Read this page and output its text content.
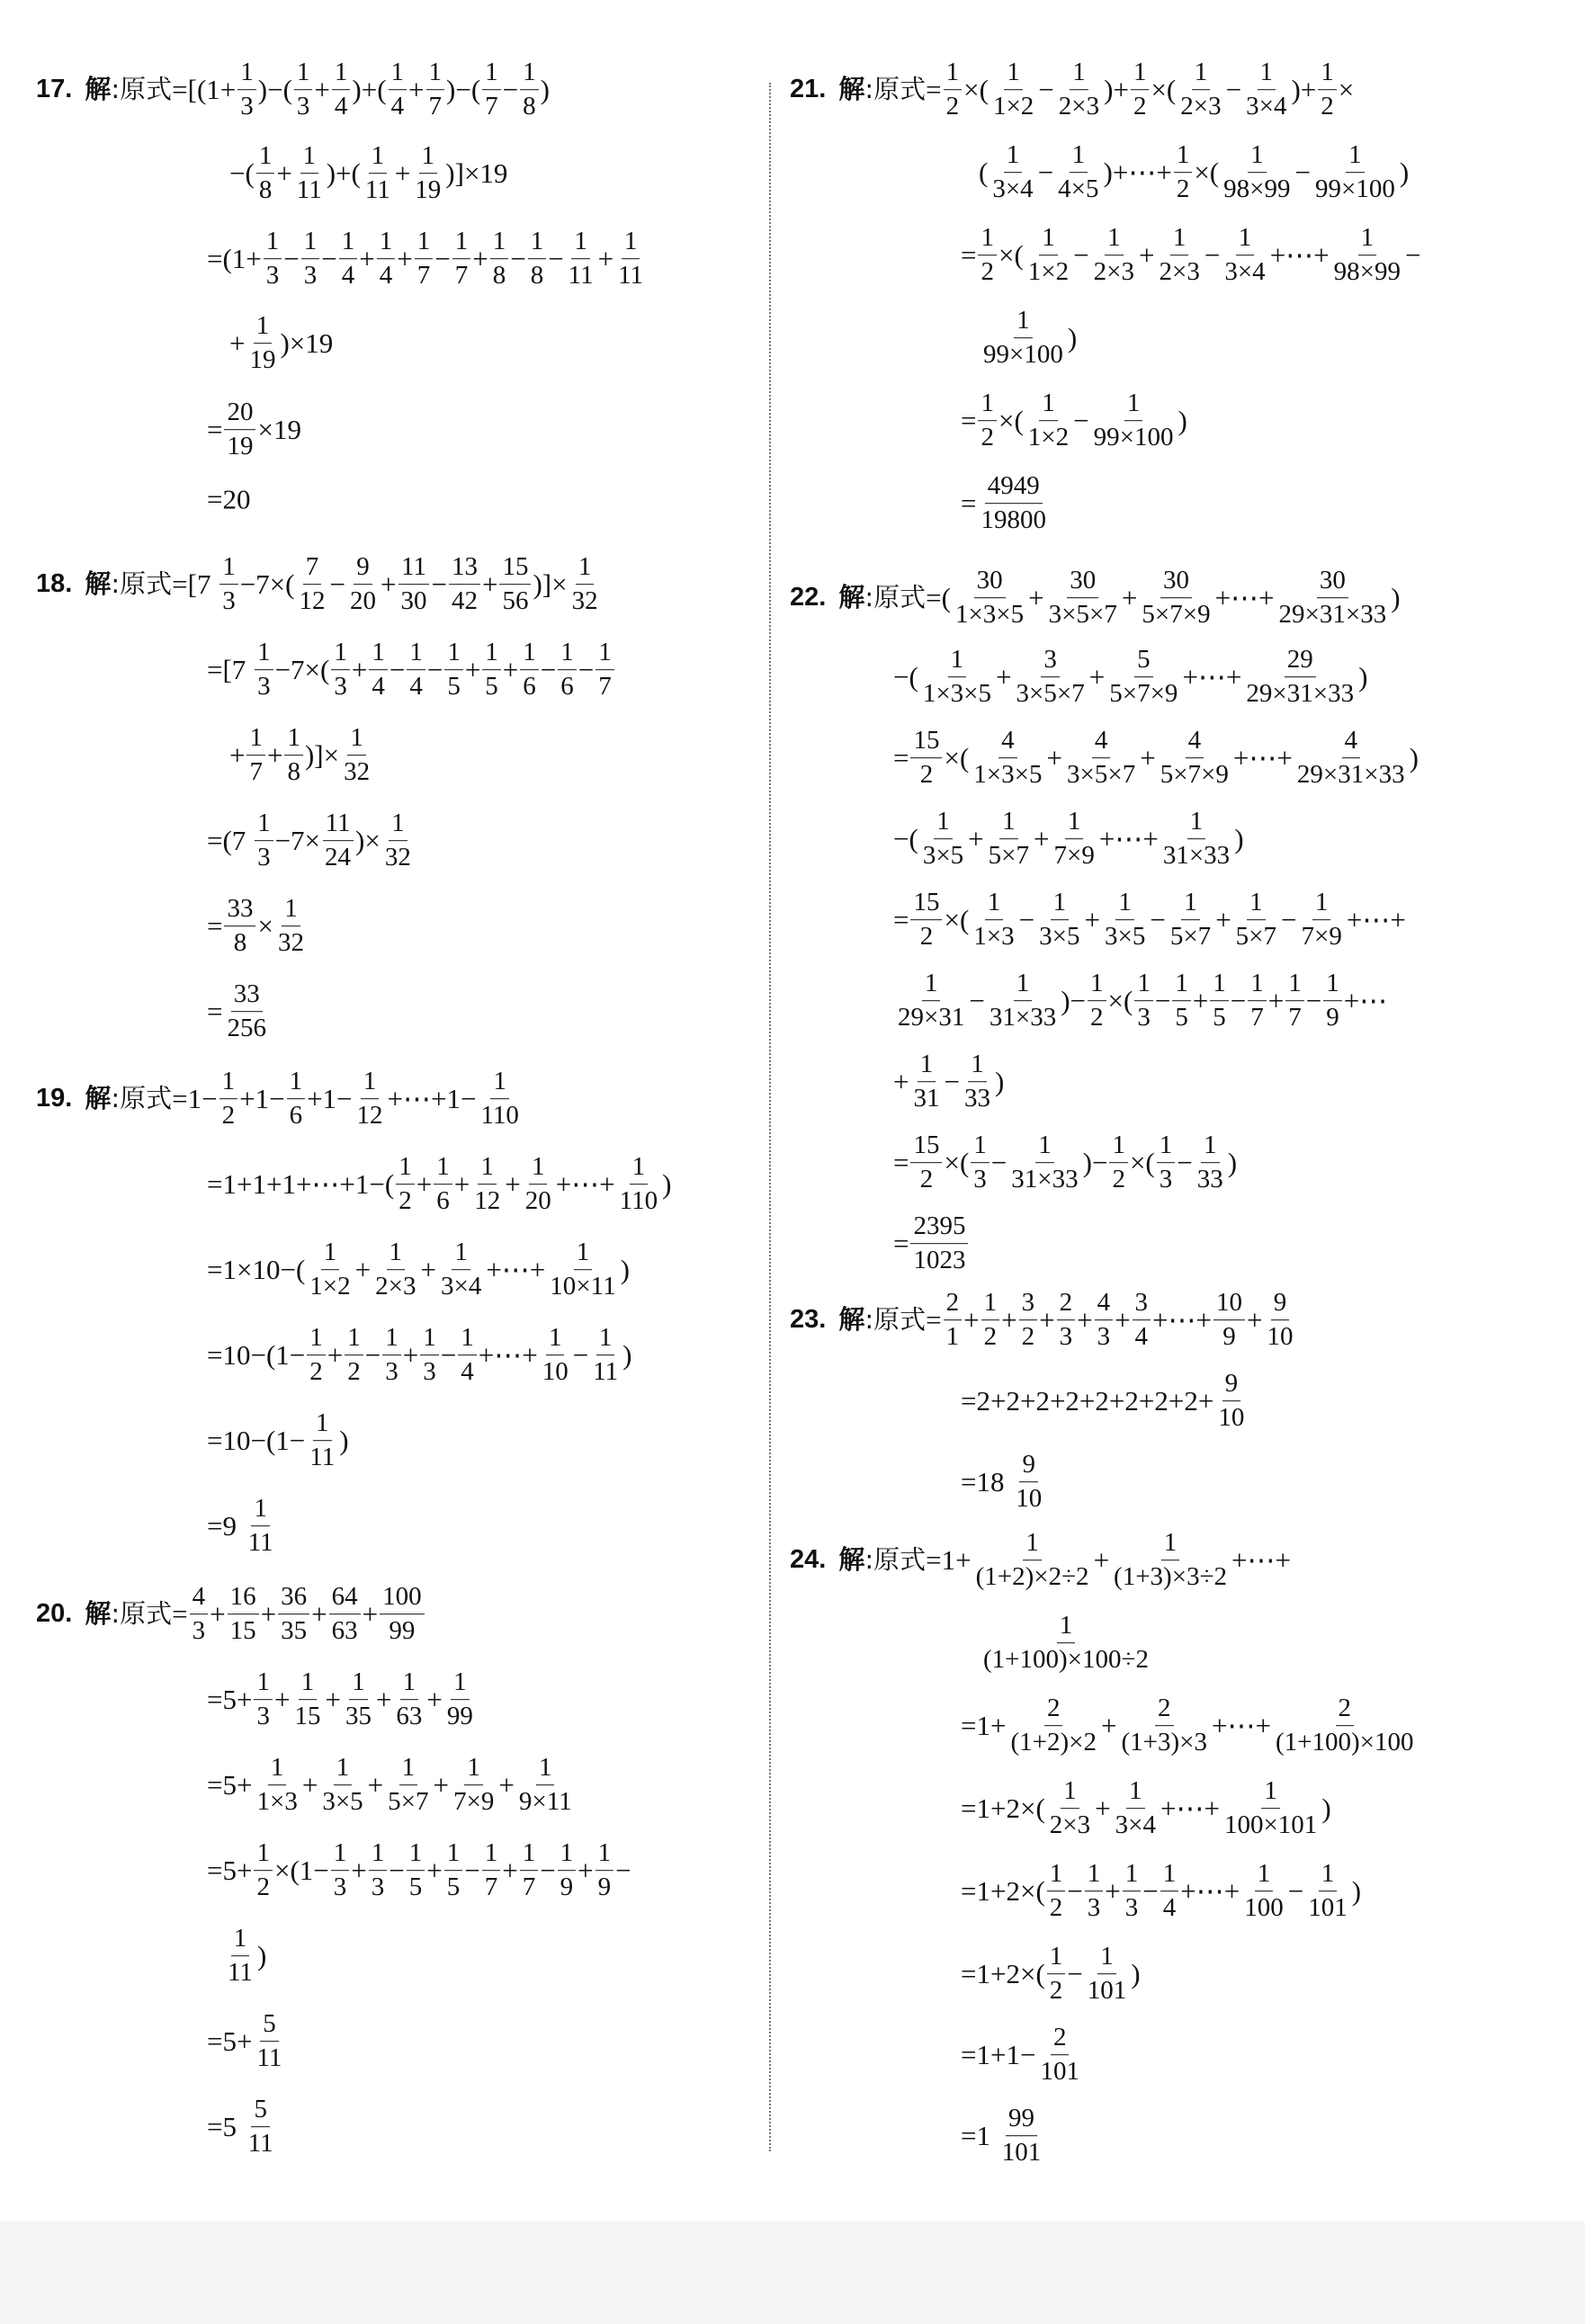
17. 解 : 原式 $=[(1+ \frac{1}{3}$ )−( $\frac{1}{3} + \frac{1}{4}$ )+( $\frac{1}{4} + \frac{1}{7}$ )−( $\frac{1}{7} - \frac{1}{8}$ )
−( $\frac{1}{8} + \frac{1}{11}$ )+( $\frac{1}{11} + \frac{1}{19} )]\times 19$
$=(1+ \frac{1}{3} - \frac{1}{3} - \frac{1}{4} + \frac{1}{4} + \frac{1}{7} - \frac{1}{7} + \frac{1}{8} - \frac{1}{8} - \frac{1}{11} + \frac{1}{11}$
+ $\frac{1}{19} )\times 19$
= $\frac{20}{19} \times 19$
=20
18. 解 : 原式 $=[7 \frac{1}{3} -7\times( \frac{7}{12} - \frac{9}{20} + \frac{11}{30} - \frac{13}{42} + \frac{15}{56}$ )]× $\frac{1}{32}$
$=[7 \frac{1}{3} -7\times( \frac{1}{3} + \frac{1}{4} - \frac{1}{4} - \frac{1}{5} + \frac{1}{5} + \frac{1}{6} - \frac{1}{6} - \frac{1}{7}$
+ $\frac{1}{7} + \frac{1}{8}$ )]× $\frac{1}{32}$
$=(7 \frac{1}{3} -7\times \frac{11}{24}$ )× $\frac{1}{32}$
= $\frac{33}{8} \times \frac{1}{32}$
= $\frac{33}{256}$
19. 解 : 原式 $=1- \frac{1}{2} +1- \frac{1}{6} +1- \frac{1}{12}$ +⋯+1− $\frac{1}{110}$
=1+1+1+⋯+1−( $\frac{1}{2} + \frac{1}{6} + \frac{1}{12} + \frac{1}{20}$ +⋯+ $\frac{1}{110}$ )
$=1\times 10-( \frac{1}{1\times 2} + \frac{1}{2\times 3} + \frac{1}{3\times 4}$ +⋯+ $\frac{1}{10\times 11}$ )
$=10-(1- \frac{1}{2} + \frac{1}{2} - \frac{1}{3} + \frac{1}{3} - \frac{1}{4}$ +⋯+ $\frac{1}{10} - \frac{1}{11}$ )
$=10-(1- \frac{1}{11}$ )
$=9 \frac{1}{11}$
20. 解 : 原式 = $\frac{4}{3} + \frac{16}{15} + \frac{36}{35} + \frac{64}{63} + \frac{100}{99}$
$=5+ \frac{1}{3} + \frac{1}{15} + \frac{1}{35} + \frac{1}{63} + \frac{1}{99}$
$=5+ \frac{1}{1\times 3} + \frac{1}{3\times 5} + \frac{1}{5\times 7} + \frac{1}{7\times 9} + \frac{1}{9\times 11}$
$=5+ \frac{1}{2} \times(1- \frac{1}{3} + \frac{1}{3} - \frac{1}{5} + \frac{1}{5} - \frac{1}{7} + \frac{1}{7} - \frac{1}{9} + \frac{1}{9}$ −
$\frac{1}{11}$ )
$=5+ \frac{5}{11}$
$=5 \frac{5}{11}$
21. 解 : 原式 = $\frac{1}{2}$ ×( $\frac{1}{1\times 2} - \frac{1}{2\times 3}$ )+ $\frac{1}{2}$ ×( $\frac{1}{2\times 3} - \frac{1}{3\times 4}$ )+ $\frac{1}{2}$ ×
( $\frac{1}{3\times 4} - \frac{1}{4\times 5}$ )+⋯+ $\frac{1}{2}$ ×( $\frac{1}{98\times 99} - \frac{1}{99\times 100}$ )
= $\frac{1}{2}$ ×( $\frac{1}{1\times 2} - \frac{1}{2\times 3} + \frac{1}{2\times 3} - \frac{1}{3\times 4}$ +⋯+ $\frac{1}{98\times 99}$ −
$\frac{1}{99\times 100}$ )
= $\frac{1}{2}$ ×( $\frac{1}{1\times 2} - \frac{1}{99\times 100}$ )
= $\frac{4949}{19800}$
22. 解 : 原式 =( $\frac{30}{1\times 3\times 5} + \frac{30}{3\times 5\times 7} + \frac{30}{5\times 7\times 9}$ +⋯+ $\frac{30}{29\times 31\times 33}$ )
−( $\frac{1}{1\times 3\times 5} + \frac{3}{3\times 5\times 7} + \frac{5}{5\times 7\times 9}$ +⋯+ $\frac{29}{29\times 31\times 33}$ )
= $\frac{15}{2}$ ×( $\frac{4}{1\times 3\times 5} + \frac{4}{3\times 5\times 7} + \frac{4}{5\times 7\times 9}$ +⋯+ $\frac{4}{29\times 31\times 33}$ )
−( $\frac{1}{3\times 5} + \frac{1}{5\times 7} + \frac{1}{7\times 9}$ +⋯+ $\frac{1}{31\times 33}$ )
= $\frac{15}{2}$ ×( $\frac{1}{1\times 3} - \frac{1}{3\times 5} + \frac{1}{3\times 5} - \frac{1}{5\times 7} + \frac{1}{5\times 7} - \frac{1}{7\times 9}$ +⋯+
$\frac{1}{29\times 31} - \frac{1}{31\times 33}$ )− $\frac{1}{2}$ ×( $\frac{1}{3} - \frac{1}{5} + \frac{1}{5} - \frac{1}{7} + \frac{1}{7} - \frac{1}{9}$ +⋯
+ $\frac{1}{31} - \frac{1}{33}$ )
= $\frac{15}{2}$ ×( $\frac{1}{3} - \frac{1}{31\times 33}$ )− $\frac{1}{2}$ ×( $\frac{1}{3} - \frac{1}{33}$ )
= $\frac{2395}{1023}$
23. 解 : 原式 = $\frac{2}{1} + \frac{1}{2} + \frac{3}{2} + \frac{2}{3} + \frac{4}{3} + \frac{3}{4}$ +⋯+ $\frac{10}{9} + \frac{9}{10}$
$=2+2+2+2+2+2+2+2+ \frac{9}{10}$
$=18 \frac{9}{10}$
24. 解 : 原式 $=1+ \frac{1}{(1+2)\times 2\div 2} + \frac{1}{(1+3)\times 3\div 2}$ +⋯+
$\frac{1}{(1+100)\times 100\div 2}$
$=1+ \frac{2}{(1+2)\times 2} + \frac{2}{(1+3)\times 3}$ +⋯+ $\frac{2}{(1+100)\times 100}$
$=1+2\times( \frac{1}{2\times 3} + \frac{1}{3\times 4}$ +⋯+ $\frac{1}{100\times 101}$ )
$=1+2\times( \frac{1}{2} - \frac{1}{3} + \frac{1}{3} - \frac{1}{4}$ +⋯+ $\frac{1}{100} - \frac{1}{101}$ )
$=1+2\times( \frac{1}{2} - \frac{1}{101}$ )
$=1+1- \frac{2}{101}$
$=1 \frac{99}{101}$
